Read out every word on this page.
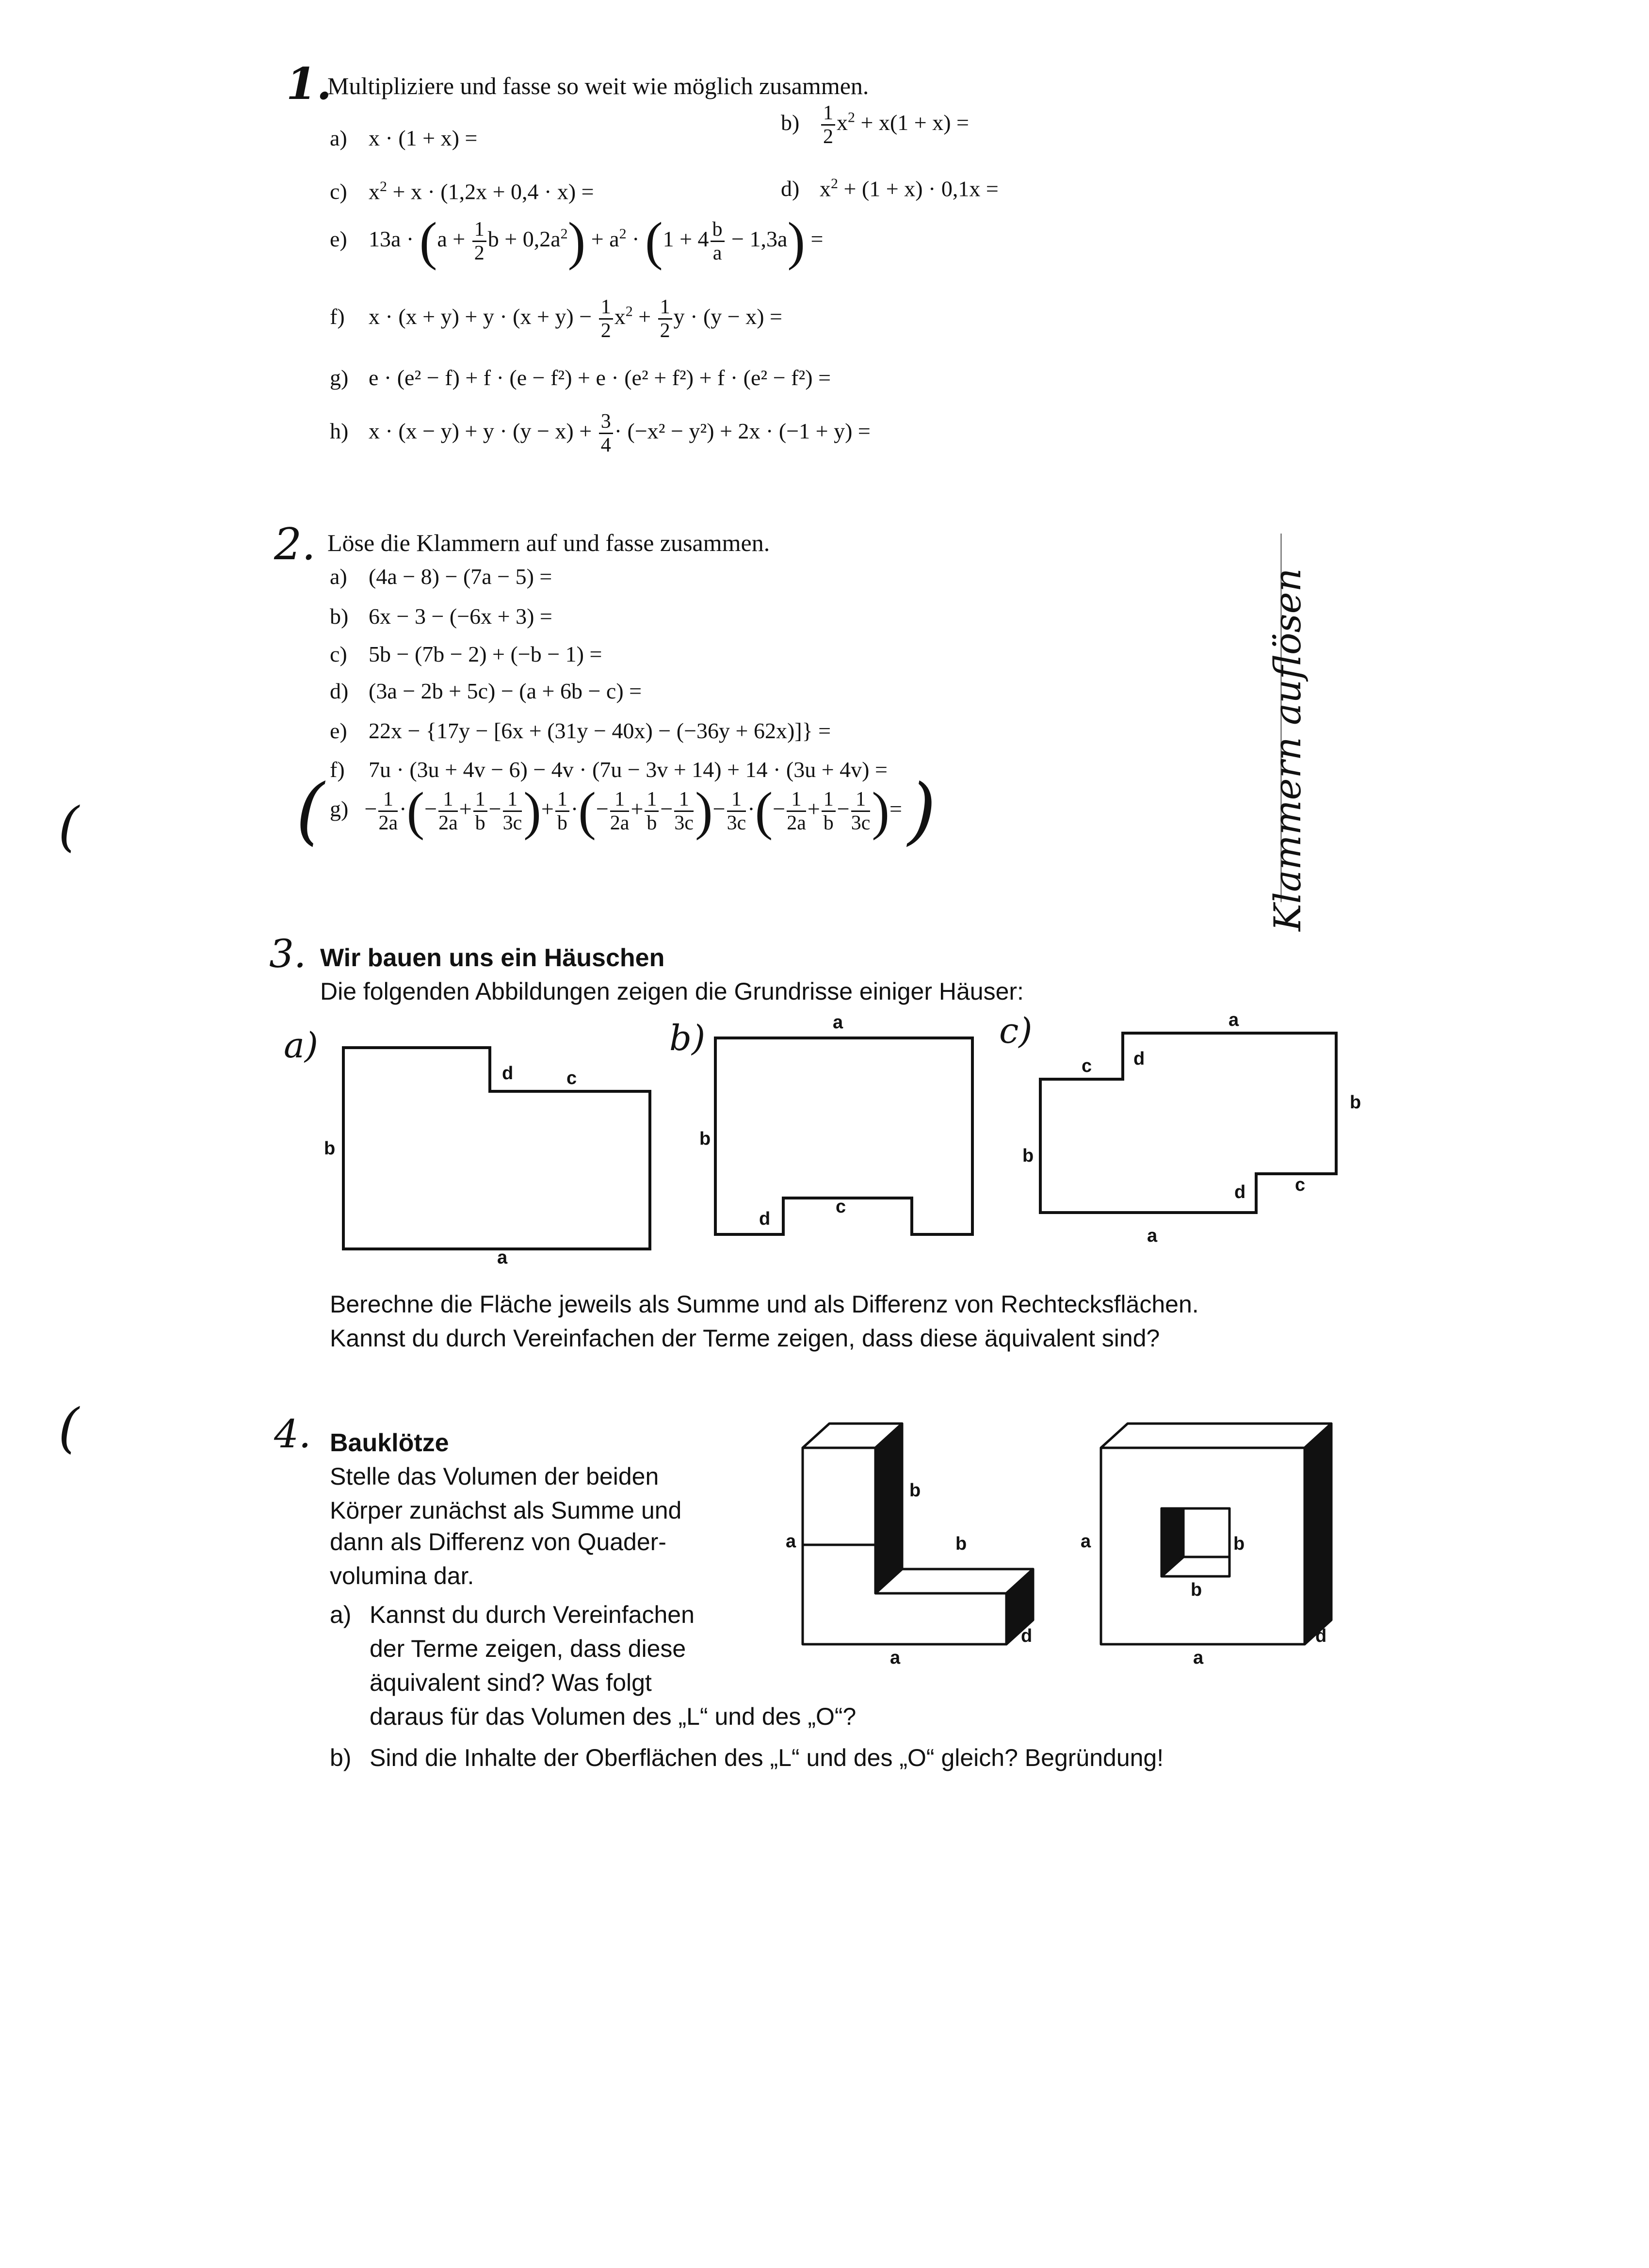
1.
Multipliziere und fasse so weit wie möglich zusammen.
a) x · (1 + x) =
$b) \frac{1}{2} x^2 + x(1 + x)$ =
c) $x^2 + x \cdot (1,2x + 0,4 \cdot x)$ =	d) $x^2 + (1 + x) \cdot 0,1x$ =
e) $13a \cdot (a + \frac{1}{2}$ $b + 0,2a^2) + a^2 \cdot (1 + 4 \frac{b}{a} - 1,3a)$ =
f) $x \cdot (x + y) + y \cdot (x + y) - \frac{1}{2} x^2 + \frac{1}{2}$ y · (y − x) =
g) e · (e² − f) + f · (e − f²) + e · (e² + f²) + f · (e² − f²) =
h) $x \cdot (x - y) + y \cdot (y - x) + \frac{3}{4} \cdot (-x^2 - y^2) + 2x \cdot (-1 + y)$ =
2. Löse die Klammern auf und fasse zusammen.
a) (4a − 8) − (7a − 5) =
b) 6x − 3 − (−6x + 3) =
c) 5b − (7b − 2) + (−b − 1) =
d) (3a − 2b + 5c) − (a + 6b − c) =
e) 22x − {17y − [6x + (31y − 40x) − (−36y + 62x)]} =
f) 7u · (3u + 4v − 6) − 4v · (7u − 3v + 14) + 14 · (3u + 4v) =
( $g) - \frac{1}{2a}$ ·(− $\frac{1}{2a} + \frac{1}{b} - \frac{1}{3c}$ )+ $\frac{1}{b}$ ·(− $\frac{1}{2a} + \frac{1}{b} - \frac{1}{3c}$ )− $\frac{1}{3c}$ ·(− $\frac{1}{2a} + \frac{1}{b} - \frac{1}{3c}$ )= )	Klammern auflösen
(
(
3. Wir bauen uns ein Häuschen
Die folgenden Abbildungen zeigen die Grundrisse einiger Häuser:
a)
d	c
b
a
b)	a
b
d
c
c)	a
c d
b
b
d	c
a
Berechne die Fläche jeweils als Summe und als Differenz von Rechtecksflächen.
Kannst du durch Vereinfachen der Terme zeigen, dass diese äquivalent sind?
4. Bauklötze
Stelle das Volumen der beiden
Körper zunächst als Summe und
dann als Differenz von Quader-
volumina dar.
a) Kannst du durch Vereinfachen
der Terme zeigen, dass diese
äquivalent sind? Was folgt
daraus für das Volumen des „L“ und des „O“?
b) Sind die Inhalte der Oberflächen des „L“ und des „O“ gleich? Begründung!
b
b
a
a
d
b
b
a
a
d
